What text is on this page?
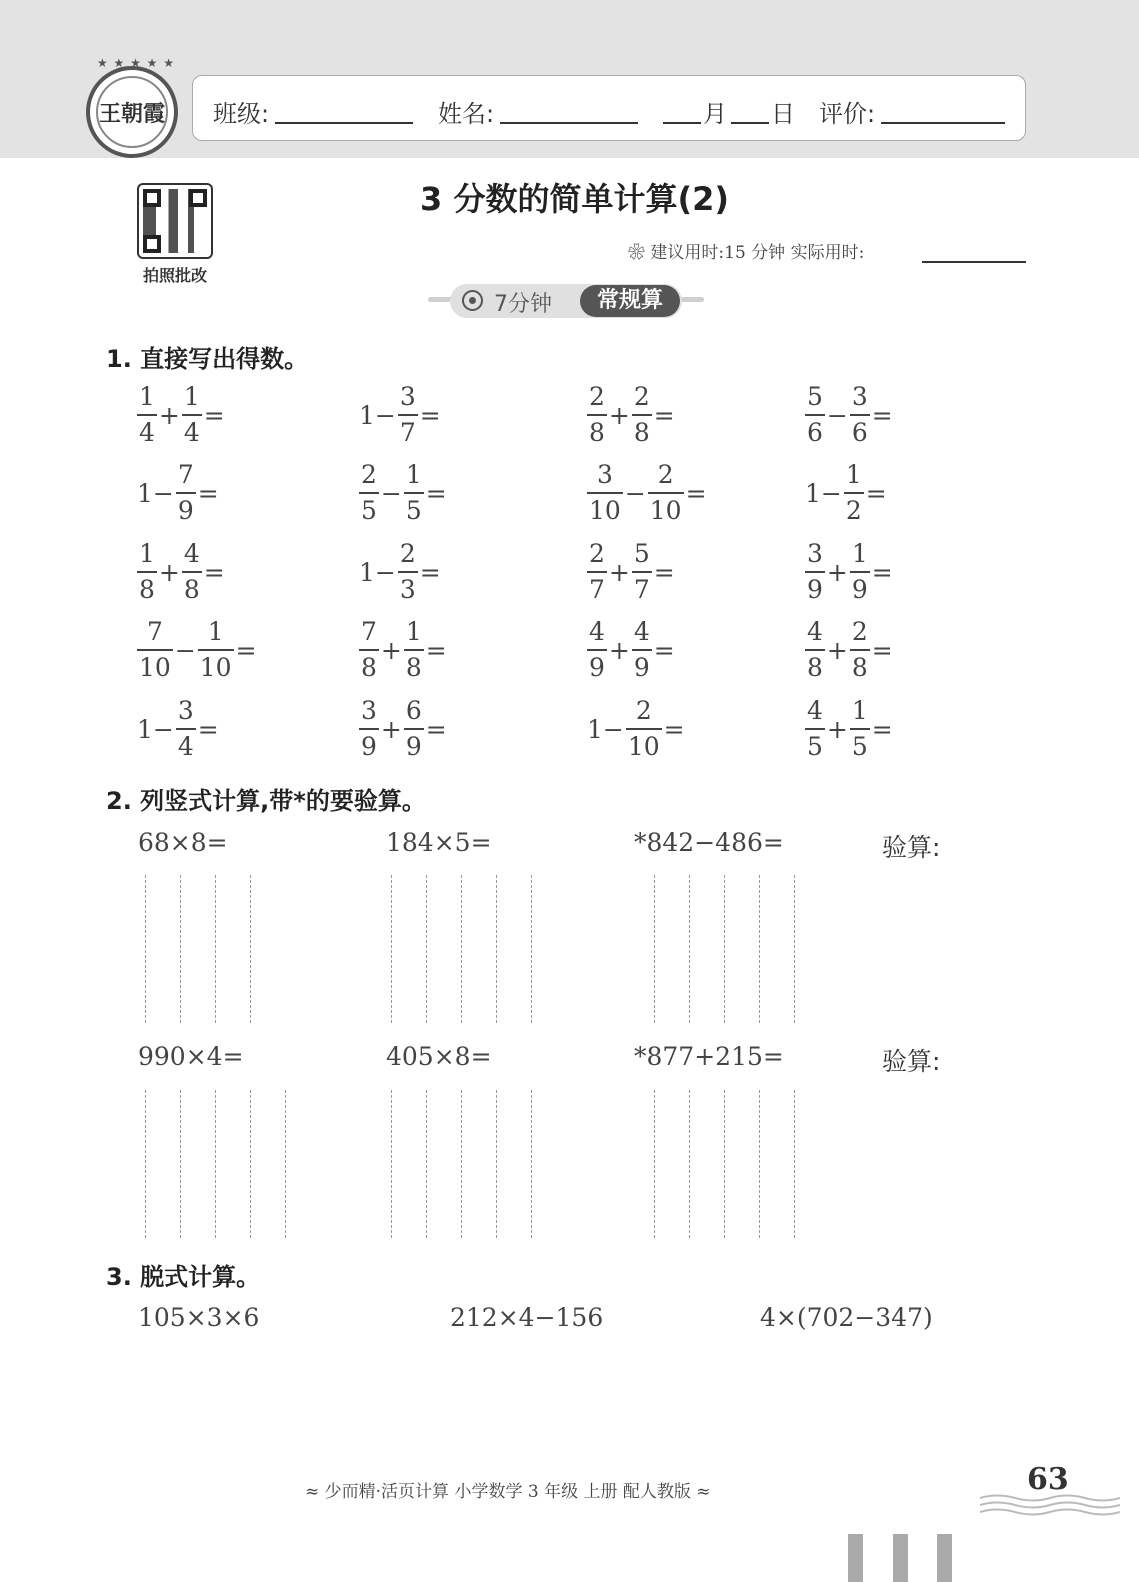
★ ★ ★ ★ ★
王朝霞 班级:	姓名:	月 日 评价:
拍照批改
3 分数的简单计算(2)
❀ 建议用时:15 分钟 实际用时:
7分钟	常规算
1. 直接写出得数。
$\frac{1}{4} + \frac{1}{4}$ =	$1- \frac{3}{7}$ =	$\frac{2}{8} + \frac{2}{8}$ =	$\frac{5}{6} - \frac{3}{6}$ =
$1- \frac{7}{9}$ =	$\frac{2}{5} - \frac{1}{5}$ =	$\frac{3}{10} - \frac{2}{10}$ =	$1- \frac{1}{2}$ =
$\frac{1}{8} + \frac{4}{8}$ =	$1- \frac{2}{3}$ =	$\frac{2}{7} + \frac{5}{7}$ =	$\frac{3}{9} + \frac{1}{9}$ =
$\frac{7}{10} - \frac{1}{10}$ =	$\frac{7}{8} + \frac{1}{8}$ =	$\frac{4}{9} + \frac{4}{9}$ =	$\frac{4}{8} + \frac{2}{8}$ =
$1- \frac{3}{4}$ =	$\frac{3}{9} + \frac{6}{9}$ =	$1- \frac{2}{10}$ =	$\frac{4}{5} + \frac{1}{5}$ =
2. 列竖式计算,带*的要验算。
68×8=	184×5=	*842−486=	验算:
990×4=	405×8=	*877+215=	验算:
3. 脱式计算。
105×3×6	212×4−156	4×(702−347)
≈ 少而精·活页计算 小学数学 3 年级 上册 配人教版 ≈	63
